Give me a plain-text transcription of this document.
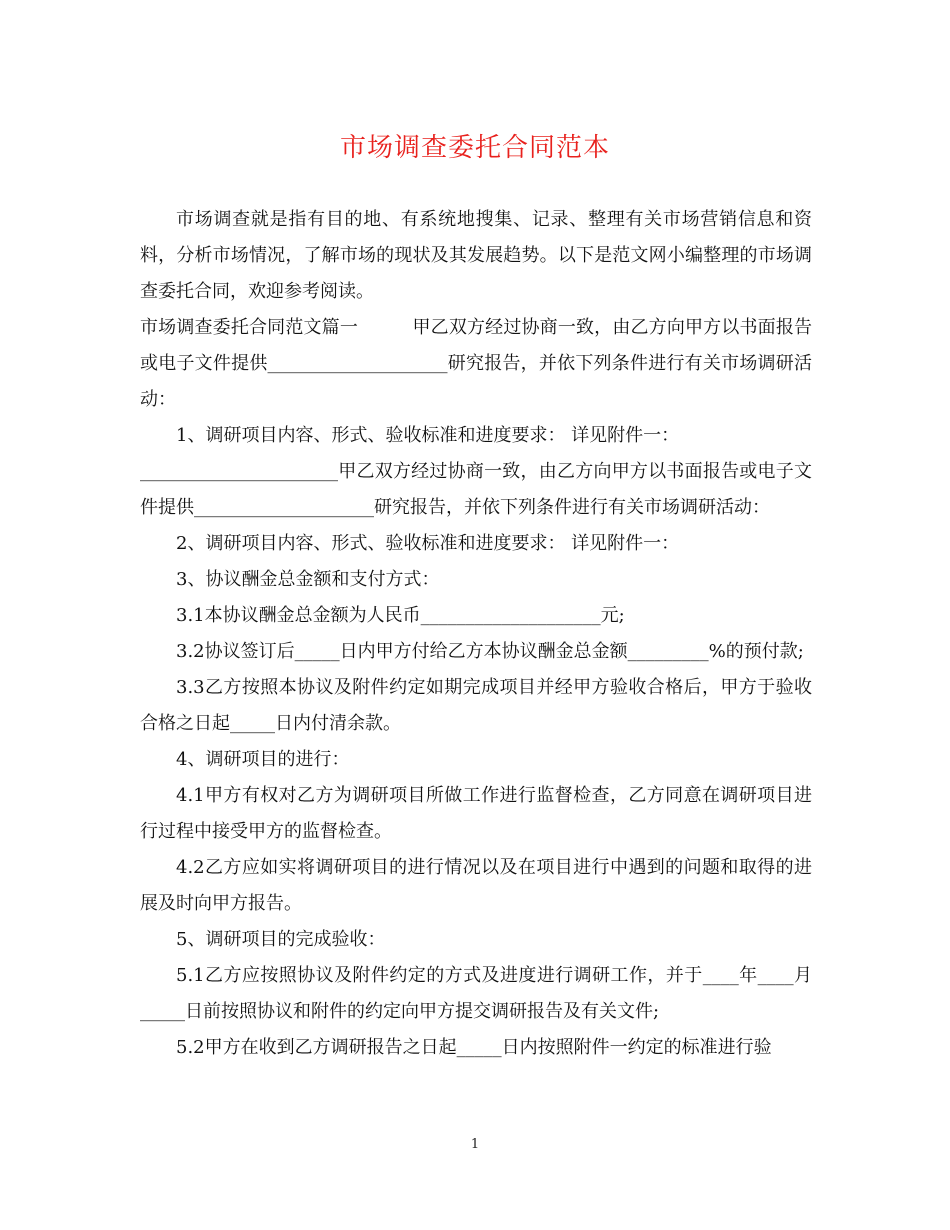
市场调查委托合同范本

市场调查就是指有目的地、有系统地搜集、记录、整理有关市场营销信息和资料，分析市场情况，了解市场的现状及其发展趋势。以下是范文网小编整理的市场调查委托合同，欢迎参考阅读。

市场调查委托合同范文篇一　　　甲乙双方经过协商一致，由乙方向甲方以书面报告或电子文件提供____________________研究报告，并依下列条件进行有关市场调研活动：

1、调研项目内容、形式、验收标准和进度要求： 详见附件一：

______________________甲乙双方经过协商一致，由乙方向甲方以书面报告或电子文件提供____________________研究报告，并依下列条件进行有关市场调研活动：

2、调研项目内容、形式、验收标准和进度要求： 详见附件一：

3、协议酬金总金额和支付方式：

3.1本协议酬金总金额为人民币____________________元;

3.2协议签订后_____日内甲方付给乙方本协议酬金总金额_________%的预付款;

3.3乙方按照本协议及附件约定如期完成项目并经甲方验收合格后，甲方于验收合格之日起_____日内付清余款。

4、调研项目的进行：

4.1甲方有权对乙方为调研项目所做工作进行监督检查，乙方同意在调研项目进行过程中接受甲方的监督检查。

4.2乙方应如实将调研项目的进行情况以及在项目进行中遇到的问题和取得的进展及时向甲方报告。

5、调研项目的完成验收：

5.1乙方应按照协议及附件约定的方式及进度进行调研工作，并于____年____月 _____日前按照协议和附件的约定向甲方提交调研报告及有关文件;

5.2甲方在收到乙方调研报告之日起_____日内按照附件一约定的标准进行验

1
